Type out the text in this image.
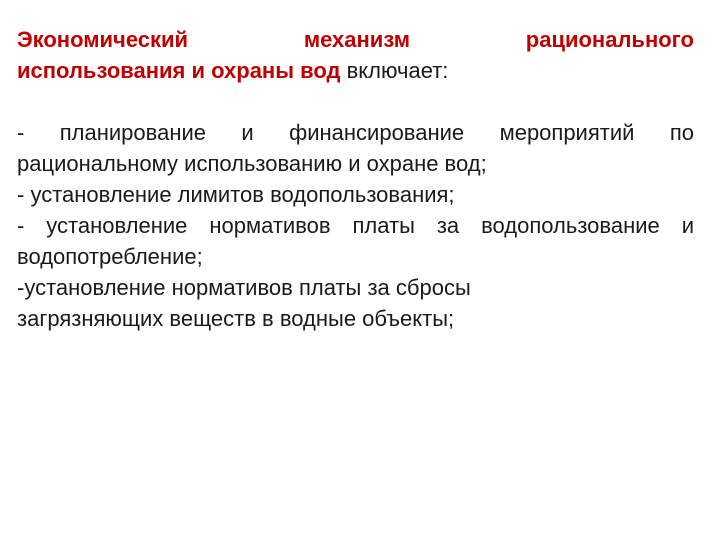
Экономический	механизм	рационального
использования и охраны вод включает:
- планирование и финансирование мероприятий по
рациональному использованию и охране вод;
- установление лимитов водопользования;
- установление нормативов платы за водопользование и
водопотребление;
-установление нормативов платы за сбросы
загрязняющих веществ в водные объекты;
